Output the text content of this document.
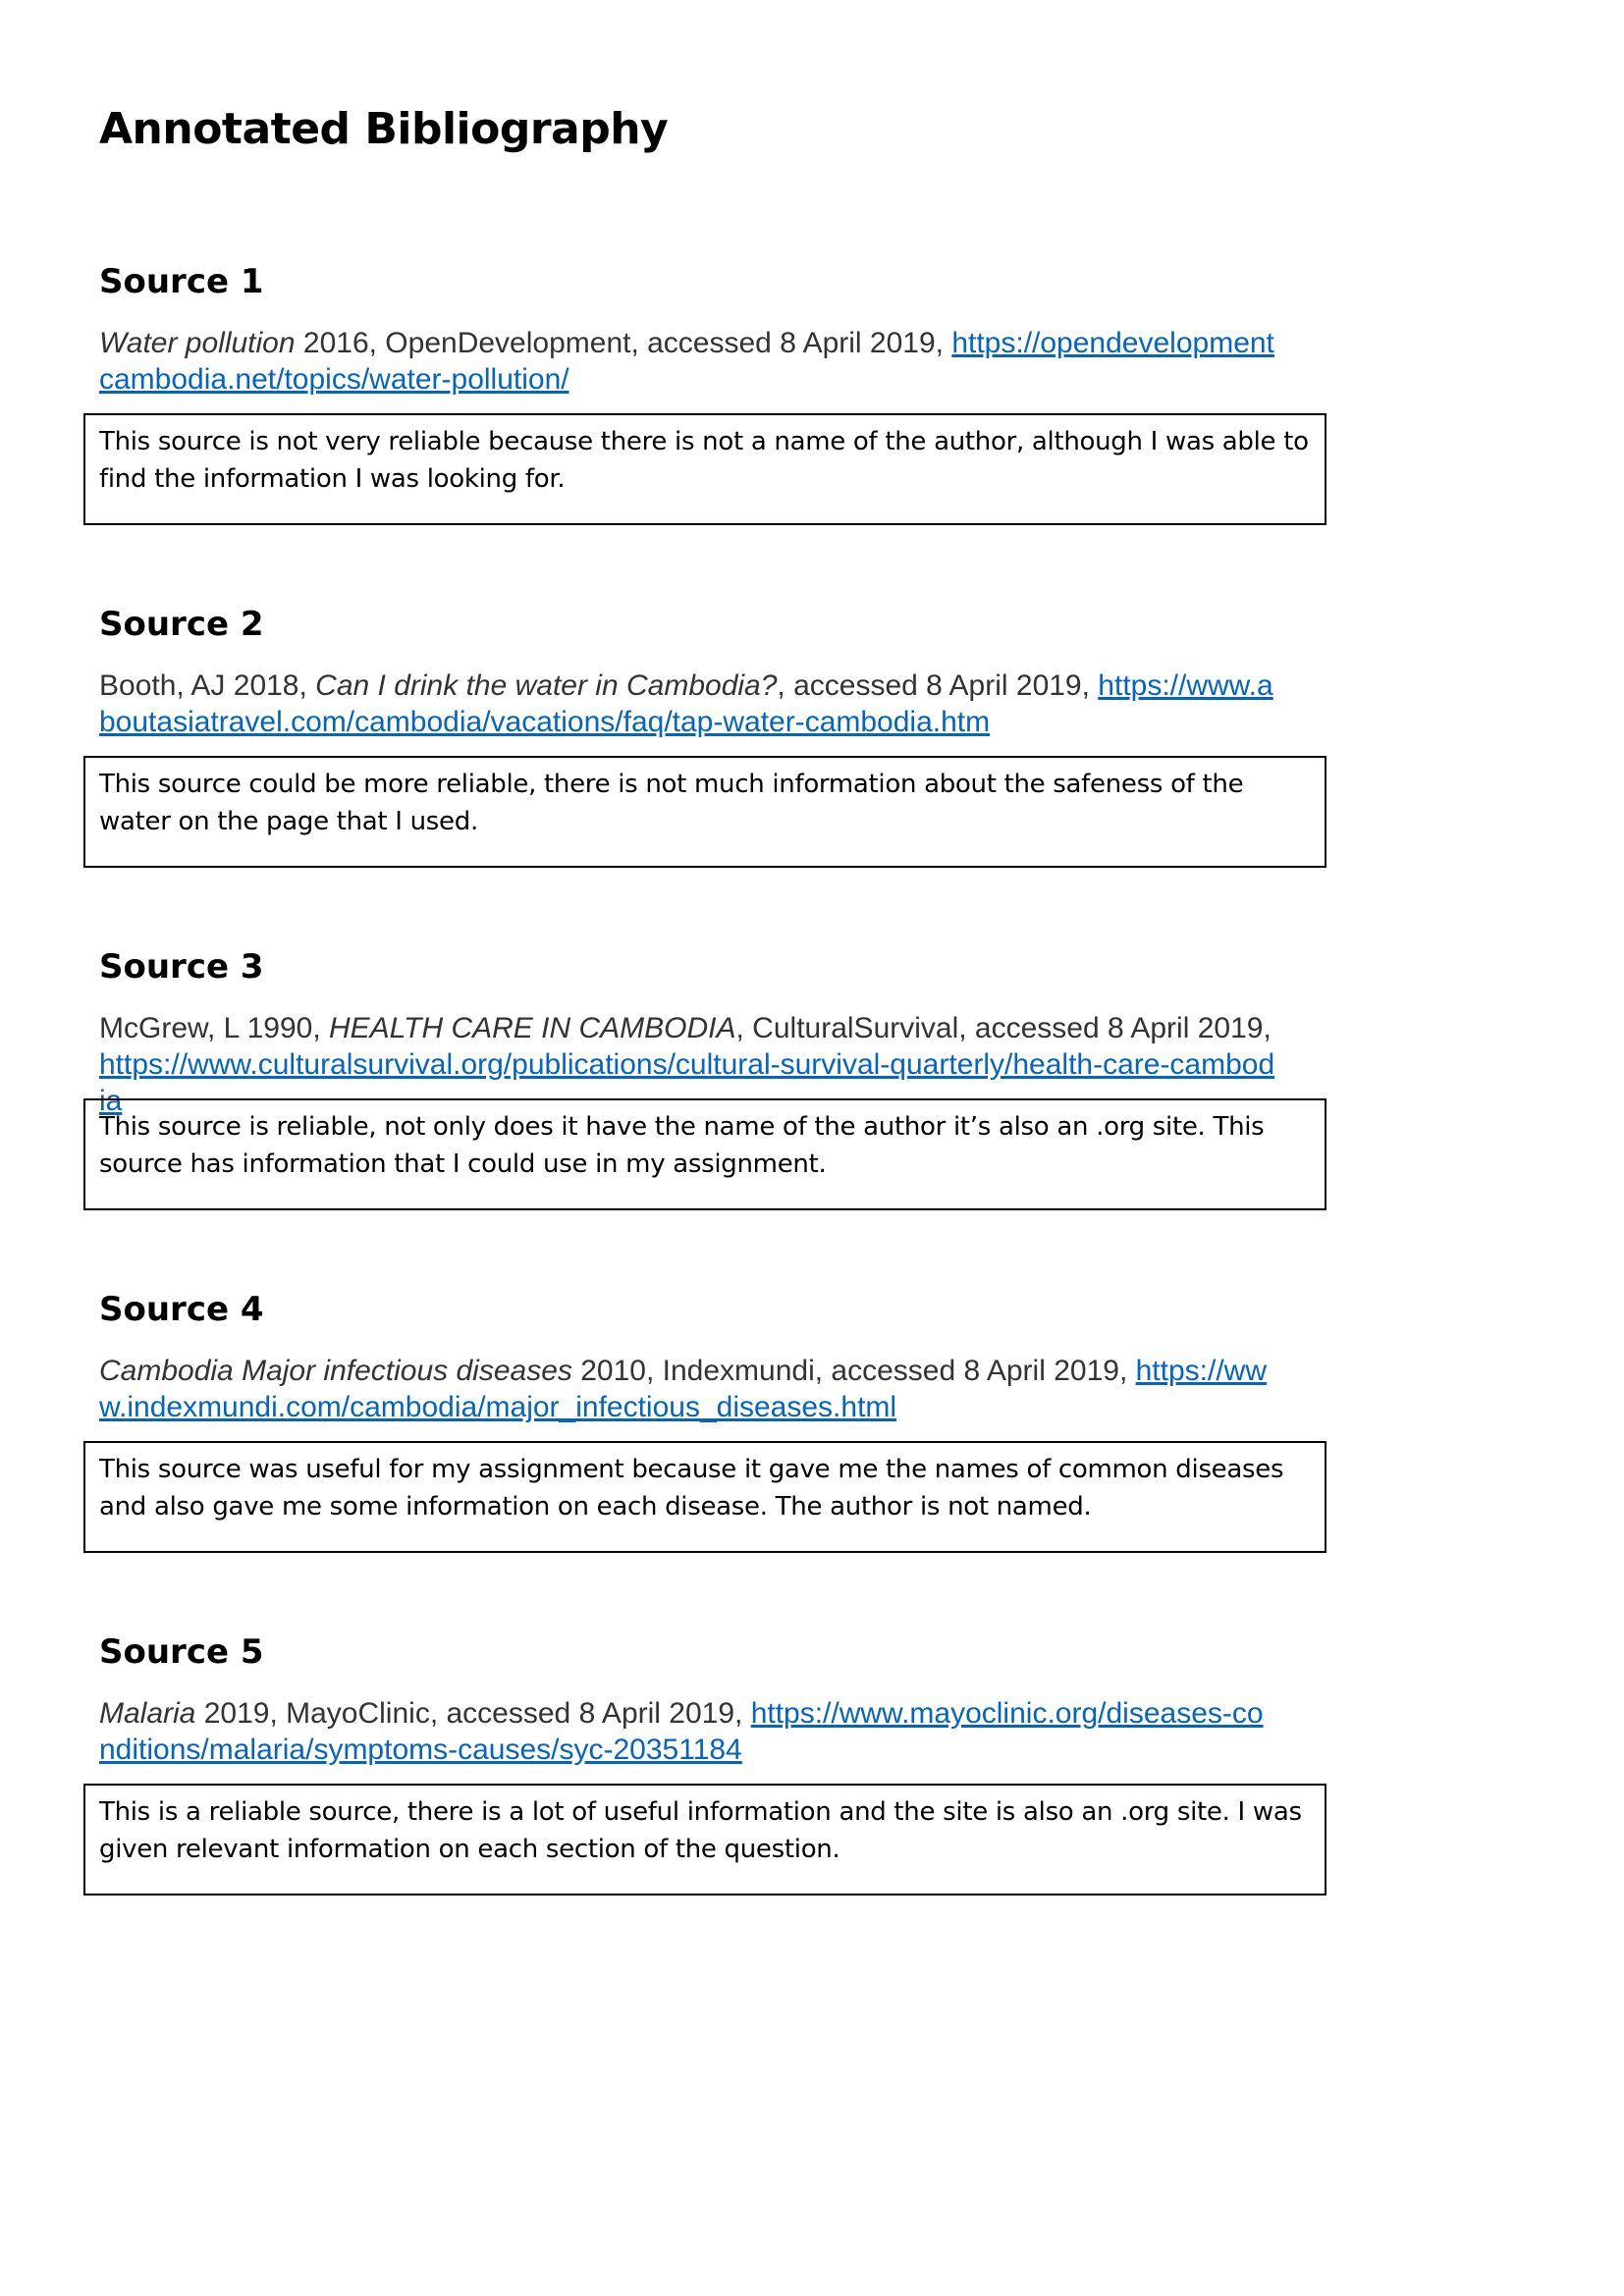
Annotated Bibliography
Source 1

Water pollution 2016, OpenDevelopment, accessed 8 April 2019, https://opendevelopmentcambodia.net/topics/water-pollution/

This source is not very reliable because there is not a name of the author, although I was able to find the information I was looking for.

Source 2

Booth, AJ 2018, Can I drink the water in Cambodia?, accessed 8 April 2019, https://www.aboutasiatravel.com/cambodia/vacations/faq/tap-water-cambodia.htm

This source could be more reliable, there is not much information about the safeness of the water on the page that I used.

Source 3

McGrew, L 1990, HEALTH CARE IN CAMBODIA, CulturalSurvival, accessed 8 April 2019, https://www.culturalsurvival.org/publications/cultural-survival-quarterly/health-care-cambodia

This source is reliable, not only does it have the name of the author it’s also an .org site. This source has information that I could use in my assignment.

Source 4

Cambodia Major infectious diseases 2010, Indexmundi, accessed 8 April 2019, https://www.indexmundi.com/cambodia/major_infectious_diseases.html

This source was useful for my assignment because it gave me the names of common diseases and also gave me some information on each disease. The author is not named.

Source 5

Malaria 2019, MayoClinic, accessed 8 April 2019, https://www.mayoclinic.org/diseases-conditions/malaria/symptoms-causes/syc-20351184

This is a reliable source, there is a lot of useful information and the site is also an .org site. I was given relevant information on each section of the question.
